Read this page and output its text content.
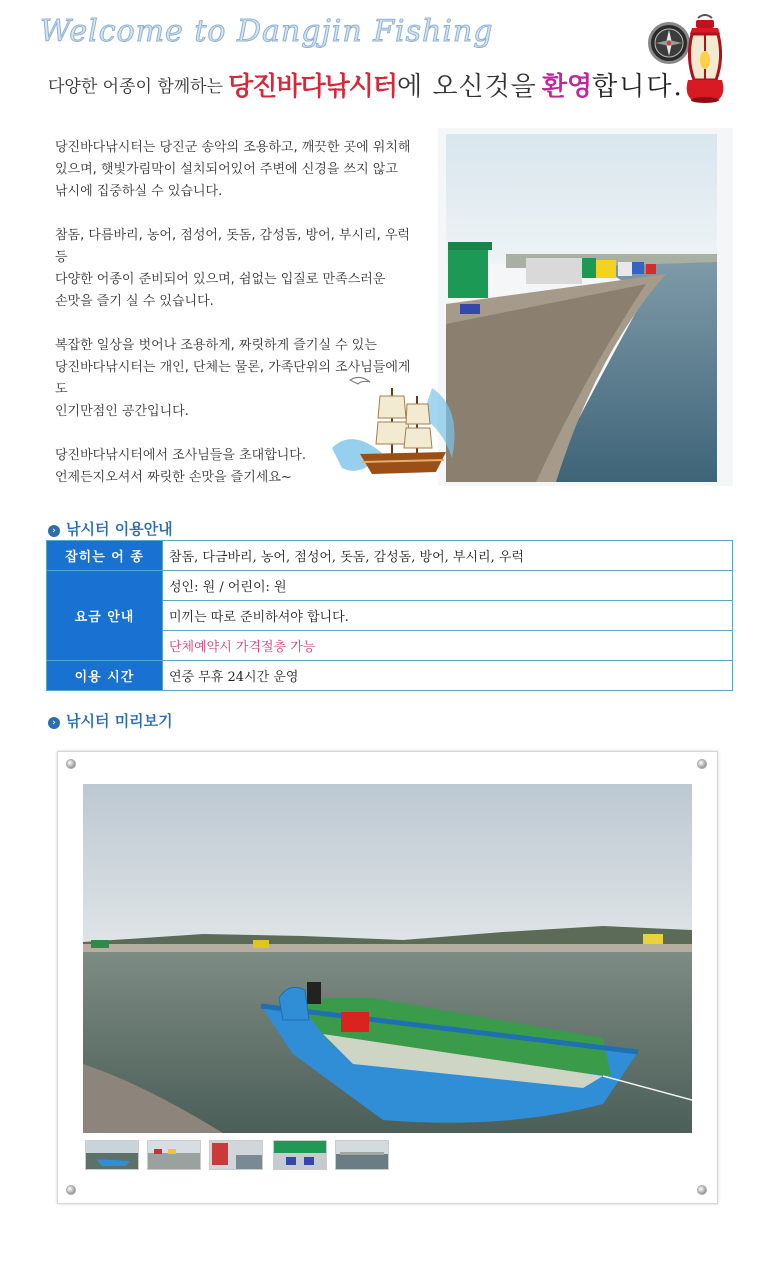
Welcome to Dangjin Fishing
다양한 어종이 함께하는 당진바다낚시터에 오신것을 환영합니다.

당진바다낚시터는 당진군 송악의 조용하고, 깨끗한 곳에 위치해
있으며, 햇빛가림막이 설치되어있어 주변에 신경을 쓰지 않고
낚시에 집중하실 수 있습니다.

참돔, 다름바리, 농어, 점성어, 돗돔, 감성돔, 방어, 부시리, 우럭 등
다양한 어종이 준비되어 있으며, 쉼없는 입질로 만족스러운
손맛을 즐기 실 수 있습니다.

복잡한 일상을 벗어나 조용하게, 짜릿하게 즐기실 수 있는
당진바다낚시터는 개인, 단체는 물론, 가족단위의 조사님들에게도
인기만점인 공간입니다.

당진바다낚시터에서 조사님들을 초대합니다.
언제든지오셔서 짜릿한 손맛을 즐기세요~

› 낚시터 이용안내
잡히는 어 종	참돔, 다금바리, 농어, 점성어, 돗돔, 감성돔, 방어, 부시리, 우럭
요금 안내	성인: 원 / 어린이: 원
	미끼는 따로 준비하셔야 합니다.
	단체예약시 가격절충 가능
이용 시간	연중 무휴 24시간 운영
› 낚시터 미리보기
